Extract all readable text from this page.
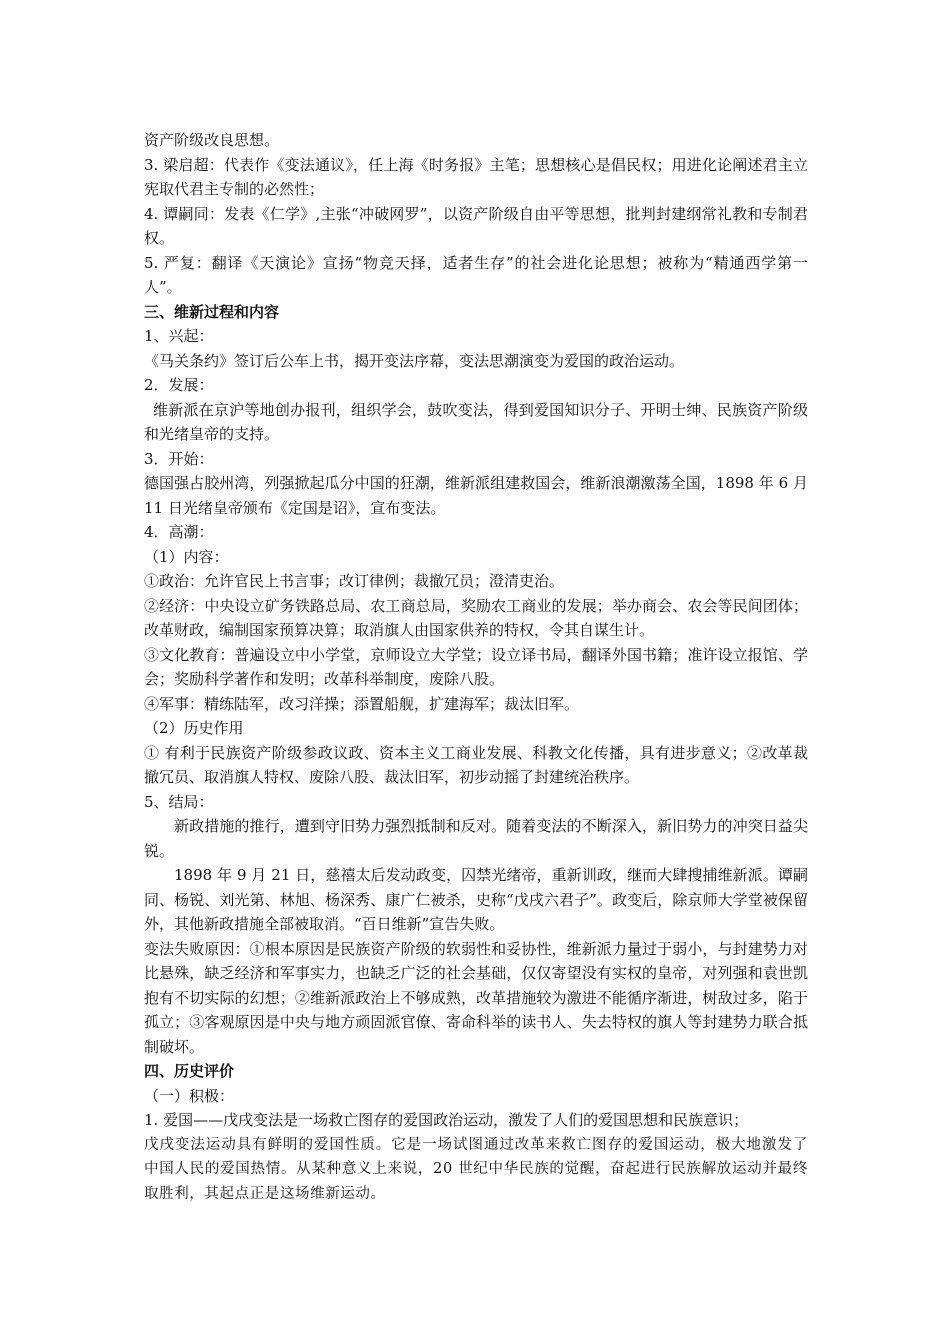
资产阶级改良思想。

3. 梁启超：代表作《变法通议》，任上海《时务报》主笔；思想核心是倡民权；用进化论阐述君主立宪取代君主专制的必然性；

4. 谭嗣同：发表《仁学》,主张“冲破网罗”，以资产阶级自由平等思想，批判封建纲常礼教和专制君权。

5. 严复：翻译《天演论》宣扬“物竞天择，适者生存”的社会进化论思想；被称为“精通西学第一人”。

三、维新过程和内容

1、兴起：

《马关条约》签订后公车上书，揭开变法序幕，变法思潮演变为爱国的政治运动。

2．发展：

维新派在京沪等地创办报刊，组织学会，鼓吹变法，得到爱国知识分子、开明士绅、民族资产阶级和光绪皇帝的支持。

3．开始：

德国强占胶州湾，列强掀起瓜分中国的狂潮，维新派组建救国会，维新浪潮激荡全国，1898 年 6 月 11 日光绪皇帝颁布《定国是诏》，宣布变法。

4．高潮：

（1）内容：

①政治：允许官民上书言事；改订律例；裁撤冗员；澄清吏治。

②经济：中央设立矿务铁路总局、农工商总局，奖励农工商业的发展；举办商会、农会等民间团体；改革财政，编制国家预算决算；取消旗人由国家供养的特权，令其自谋生计。

③文化教育：普遍设立中小学堂，京师设立大学堂；设立译书局，翻译外国书籍；准许设立报馆、学会；奖励科学著作和发明；改革科举制度，废除八股。

④军事：精练陆军，改习洋操；添置船舰，扩建海军；裁汰旧军。

（2）历史作用

① 有利于民族资产阶级参政议政、资本主义工商业发展、科教文化传播，具有进步意义；②改革裁撤冗员、取消旗人特权、废除八股、裁汰旧军，初步动摇了封建统治秩序。

5、结局：

新政措施的推行，遭到守旧势力强烈抵制和反对。随着变法的不断深入，新旧势力的冲突日益尖锐。

1898 年 9 月 21 日，慈禧太后发动政变，囚禁光绪帝，重新训政，继而大肆搜捕维新派。谭嗣同、杨锐、刘光第、林旭、杨深秀、康广仁被杀，史称“戊戌六君子”。政变后，除京师大学堂被保留外，其他新政措施全部被取消。“百日维新”宣告失败。

变法失败原因：①根本原因是民族资产阶级的软弱性和妥协性，维新派力量过于弱小，与封建势力对比悬殊，缺乏经济和军事实力，也缺乏广泛的社会基础，仅仅寄望没有实权的皇帝，对列强和袁世凯抱有不切实际的幻想；②维新派政治上不够成熟，改革措施较为激进不能循序渐进，树敌过多，陷于孤立；③客观原因是中央与地方顽固派官僚、寄命科举的读书人、失去特权的旗人等封建势力联合抵制破坏。

四、历史评价

（一）积极：

1. 爱国——戊戌变法是一场救亡图存的爱国政治运动，激发了人们的爱国思想和民族意识；

戊戌变法运动具有鲜明的爱国性质。它是一场试图通过改革来救亡图存的爱国运动，极大地激发了中国人民的爱国热情。从某种意义上来说，20 世纪中华民族的觉醒，奋起进行民族解放运动并最终取胜利，其起点正是这场维新运动。
